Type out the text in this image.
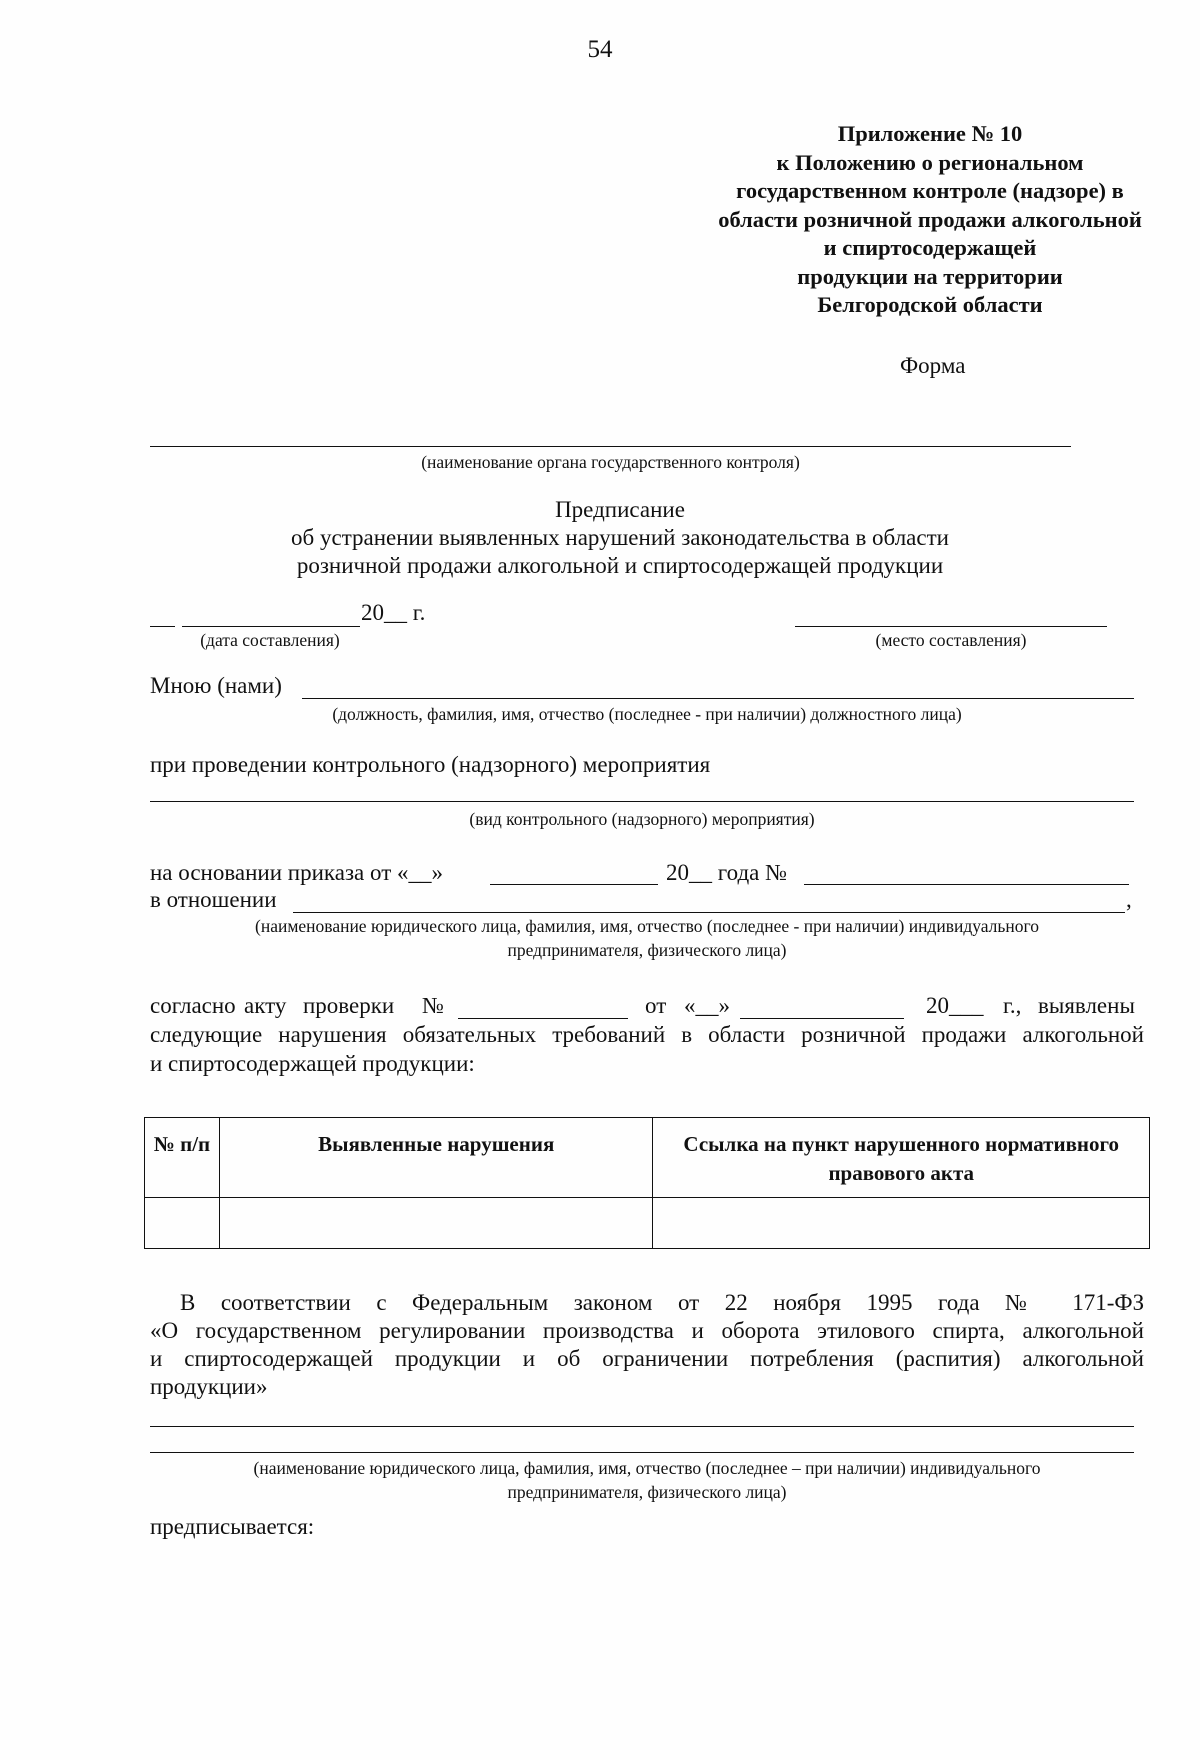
54
Приложение № 10
к Положению о региональном
государственном контроле (надзоре) в
области розничной продажи алкогольной
и спиртосодержащей
продукции на территории
Белгородской области
Форма
(наименование органа государственного контроля)
Предписание
об устранении выявленных нарушений законодательства в области
розничной продажи алкогольной и спиртосодержащей продукции
20__ г.
(дата составления)	(место составления)
Мною (нами)
(должность, фамилия, имя, отчество (последнее - при наличии) должностного лица)
при проведении контрольного (надзорного) мероприятия
(вид контрольного (надзорного) мероприятия)
на основании приказа от «__»	20__ года №
в отношении	,
(наименование юридического лица, фамилия, имя, отчество (последнее - при наличии) индивидуального
предпринимателя, физического лица)
согласно акту проверки №	от «__»	20___ г., выявлены
следующие нарушения обязательных требований в области розничной продажи алкогольной
и спиртосодержащей продукции:
№ п/п	Выявленные нарушения	Ссылка на пункт нарушенного нормативного правового акта

В соответствии с Федеральным законом от 22 ноября 1995 года № 171-ФЗ
«О государственном регулировании производства и оборота этилового спирта, алкогольной
и спиртосодержащей продукции и об ограничении потребления (распития) алкогольной
продукции»
(наименование юридического лица, фамилия, имя, отчество (последнее – при наличии) индивидуального
предпринимателя, физического лица)
предписывается:
